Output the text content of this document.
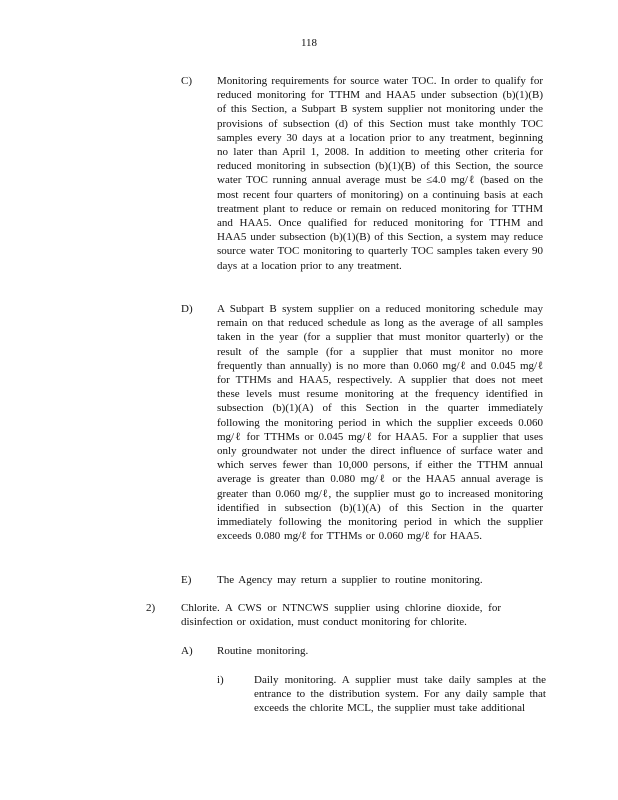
118
C) Monitoring requirements for source water TOC. In order to qualify for reduced monitoring for TTHM and HAA5 under subsection (b)(1)(B) of this Section, a Subpart B system supplier not monitoring under the provisions of subsection (d) of this Section must take monthly TOC samples every 30 days at a location prior to any treatment, beginning no later than April 1, 2008. In addition to meeting other criteria for reduced monitoring in subsection (b)(1)(B) of this Section, the source water TOC running annual average must be ≤4.0 mg/ℓ (based on the most recent four quarters of monitoring) on a continuing basis at each treatment plant to reduce or remain on reduced monitoring for TTHM and HAA5. Once qualified for reduced monitoring for TTHM and HAA5 under subsection (b)(1)(B) of this Section, a system may reduce source water TOC monitoring to quarterly TOC samples taken every 90 days at a location prior to any treatment.
D) A Subpart B system supplier on a reduced monitoring schedule may remain on that reduced schedule as long as the average of all samples taken in the year (for a supplier that must monitor quarterly) or the result of the sample (for a supplier that must monitor no more frequently than annually) is no more than 0.060 mg/ℓ and 0.045 mg/ℓ for TTHMs and HAA5, respectively. A supplier that does not meet these levels must resume monitoring at the frequency identified in subsection (b)(1)(A) of this Section in the quarter immediately following the monitoring period in which the supplier exceeds 0.060 mg/ℓ for TTHMs or 0.045 mg/ℓ for HAA5. For a supplier that uses only groundwater not under the direct influence of surface water and which serves fewer than 10,000 persons, if either the TTHM annual average is greater than 0.080 mg/ℓ or the HAA5 annual average is greater than 0.060 mg/ℓ, the supplier must go to increased monitoring identified in subsection (b)(1)(A) of this Section in the quarter immediately following the monitoring period in which the supplier exceeds 0.080 mg/ℓ for TTHMs or 0.060 mg/ℓ for HAA5.
E) The Agency may return a supplier to routine monitoring.
2) Chlorite. A CWS or NTNCWS supplier using chlorine dioxide, for disinfection or oxidation, must conduct monitoring for chlorite.
A) Routine monitoring.
i)	Daily monitoring. A supplier must take daily samples at the entrance to the distribution system. For any daily sample that exceeds the chlorite MCL, the supplier must take additional
